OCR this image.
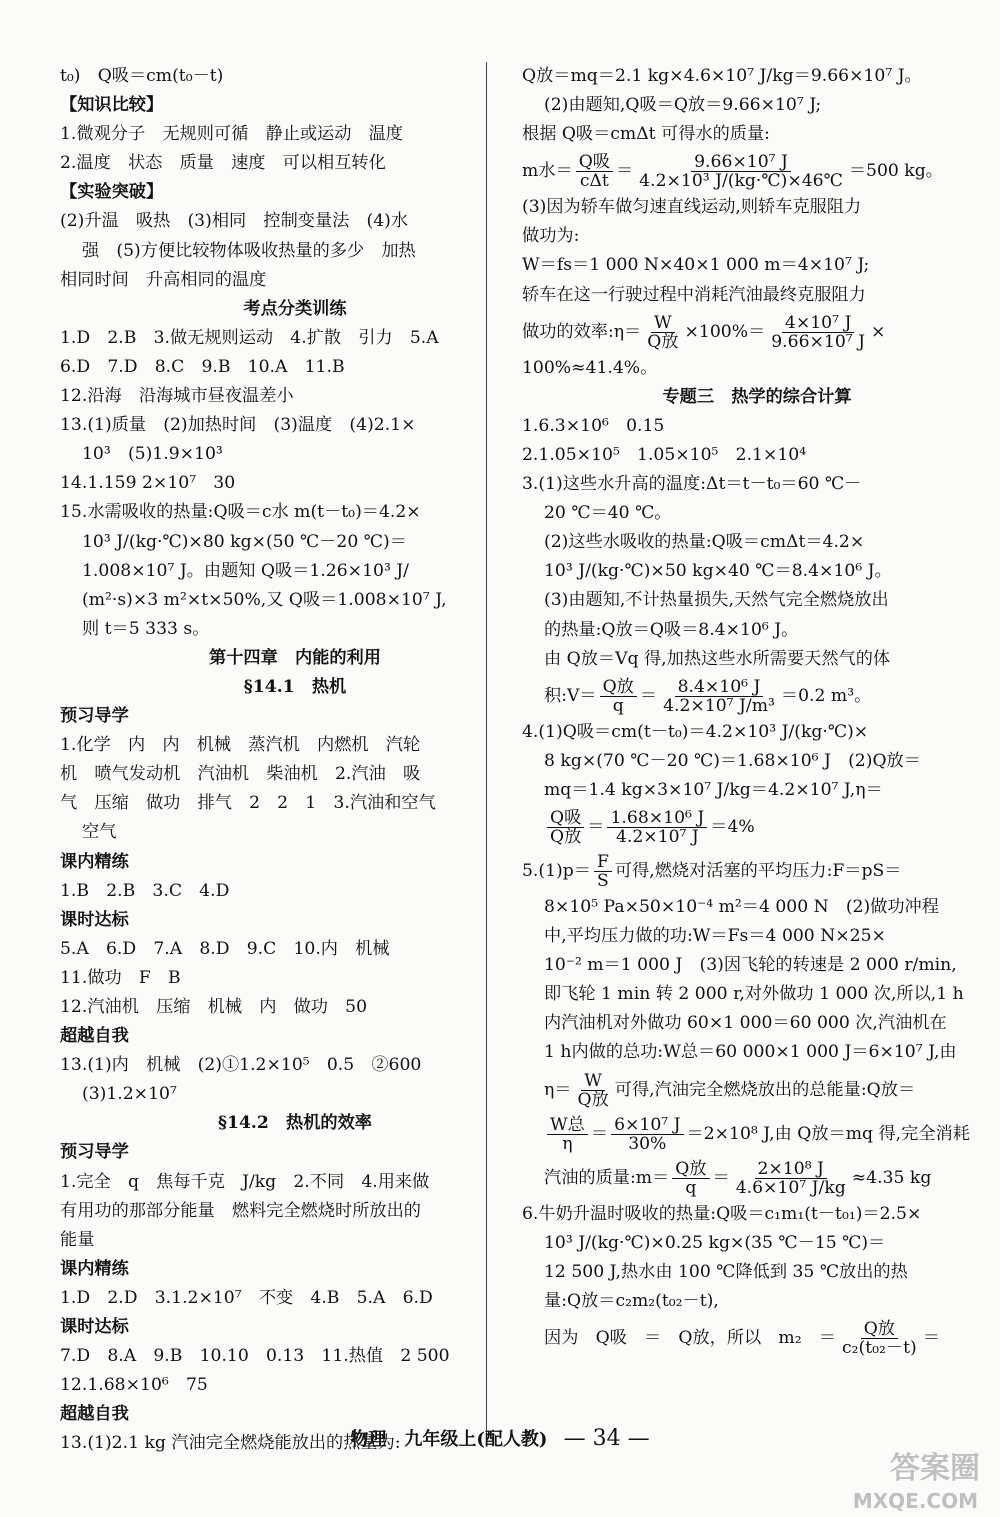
t₀)　Q吸＝cm(t₀－t)
【知识比较】
1.微观分子　无规则可循　静止或运动　温度
2.温度　状态　质量　速度　可以相互转化
【实验突破】
(2)升温　吸热　(3)相同　控制变量法　(4)水
强　(5)方便比较物体吸收热量的多少　加热
相同时间　升高相同的温度
考点分类训练
1.D　2.B　3.做无规则运动　4.扩散　引力　5.A
6.D　7.D　8.C　9.B　10.A　11.B
12.沿海　沿海城市昼夜温差小
13.(1)质量　(2)加热时间　(3)温度　(4)2.1×
10³　(5)1.9×10³
14.1.159 2×10⁷　30
15.水需吸收的热量:Q吸＝c水 m(t－t₀)＝4.2×
10³ J/(kg·℃)×80 kg×(50 ℃－20 ℃)＝
1.008×10⁷ J。由题知 Q吸＝1.26×10³ J/
(m²·s)×3 m²×t×50%,又 Q吸＝1.008×10⁷ J,
则 t＝5 333 s。
第十四章　内能的利用
§14.1　热机
预习导学
1.化学　内　内　机械　蒸汽机　内燃机　汽轮
机　喷气发动机　汽油机　柴油机　2.汽油　吸
气　压缩　做功　排气　2　2　1　3.汽油和空气
空气
课内精练
1.B　2.B　3.C　4.D
课时达标
5.A　6.D　7.A　8.D　9.C　10.内　机械
11.做功　F　B
12.汽油机　压缩　机械　内　做功　50
超越自我
13.(1)内　机械　(2)①1.2×10⁵　0.5　②600
(3)1.2×10⁷
§14.2　热机的效率
预习导学
1.完全　q　焦每千克　J/kg　2.不同　4.用来做
有用功的那部分能量　燃料完全燃烧时所放出的
能量
课内精练
1.D　2.D　3.1.2×10⁷　不变　4.B　5.A　6.D
课时达标
7.D　8.A　9.B　10.10　0.13　11.热值　2 500
12.1.68×10⁶　75
超越自我
13.(1)2.1 kg 汽油完全燃烧能放出的热量为:
Q放＝mq＝2.1 kg×4.6×10⁷ J/kg＝9.66×10⁷ J。
(2)由题知,Q吸＝Q放＝9.66×10⁷ J;
根据 Q吸＝cmΔt 可得水的质量:
m水＝ Q吸
$c\Delta t = \frac{\text{9.66×10⁷ J}}{\text{4.2×10³ J/(kg·℃)×46℃}} =500$ kg。
(3)因为轿车做匀速直线运动,则轿车克服阻力
做功为:
W＝fs＝1 000 N×40×1 000 m＝4×10⁷ J;
轿车在这一行驶过程中消耗汽油最终克服阻力
做功的效率:η＝ W
Q放 $\times 100\%= \frac{\text{4×10⁷ J}}{\text{9.66×10⁷ J}}$ ×
100%≈41.4%。
专题三　热学的综合计算
1.6.3×10⁶　0.15
2.1.05×10⁵　1.05×10⁵　2.1×10⁴
3.(1)这些水升高的温度:Δt＝t－t₀＝60 ℃－
20 ℃＝40 ℃。
(2)这些水吸收的热量:Q吸＝cmΔt＝4.2×
10³ J/(kg·℃)×50 kg×40 ℃＝8.4×10⁶ J。
(3)由题知,不计热量损失,天然气完全燃烧放出
的热量:Q放＝Q吸＝8.4×10⁶ J。
由 Q放＝Vq 得,加热这些水所需要天然气的体
积:V＝ Q放
$q = \frac{\text{8.4×10⁶ J}}{\text{4.2×10⁷ J/m³}} =0.2$ m³。
4.(1)Q吸＝cm(t－t₀)＝4.2×10³ J/(kg·℃)×
8 kg×(70 ℃－20 ℃)＝1.68×10⁶ J　(2)Q放＝
mq＝1.4 kg×3×10⁷ J/kg＝4.2×10⁷ J,η＝
Q吸
Q放 ＝ $\frac{\text{1.68×10⁶ J}}{\text{4.2×10⁷ J}} =4\%$
$5.(1)p= \frac{F}{S}$ 可得,燃烧对活塞的平均压力:F＝pS＝
8×10⁵ Pa×50×10⁻⁴ m²＝4 000 N　(2)做功冲程
中,平均压力做的功:W＝Fs＝4 000 N×25×
10⁻² m＝1 000 J　(3)因飞轮的转速是 2 000 r/min,
即飞轮 1 min 转 2 000 r,对外做功 1 000 次,所以,1 h
内汽油机对外做功 60×1 000＝60 000 次,汽油机在
1 h内做的总功:W总＝60 000×1 000 J＝6×10⁷ J,由
η＝ W
Q放 可得,汽油完全燃烧放出的总能量:Q放＝
W总
$\eta = \frac{\text{6×10⁷ J}}{30\%} =2\times 10^8$ J,由 Q放＝mq 得,完全消耗
汽油的质量:m＝ Q放
$q = \frac{\text{2×10⁸ J}}{\text{4.6×10⁷ J/kg}} \approx 4.35$ kg
6.牛奶升温时吸收的热量:Q吸＝c₁m₁(t－t₀₁)＝2.5×
10³ J/(kg·℃)×0.25 kg×(35 ℃－15 ℃)＝
12 500 J,热水由 100 ℃降低到 35 ℃放出的热
量:Q放＝c₂m₂(t₀₂－t),
因为　Q吸　＝　Q放，所以　m₂　＝ Q放
c₂(t₀₂－t) ＝
物理　九年级上(配人教) — 34 —
答案圈
MXQE.COM
